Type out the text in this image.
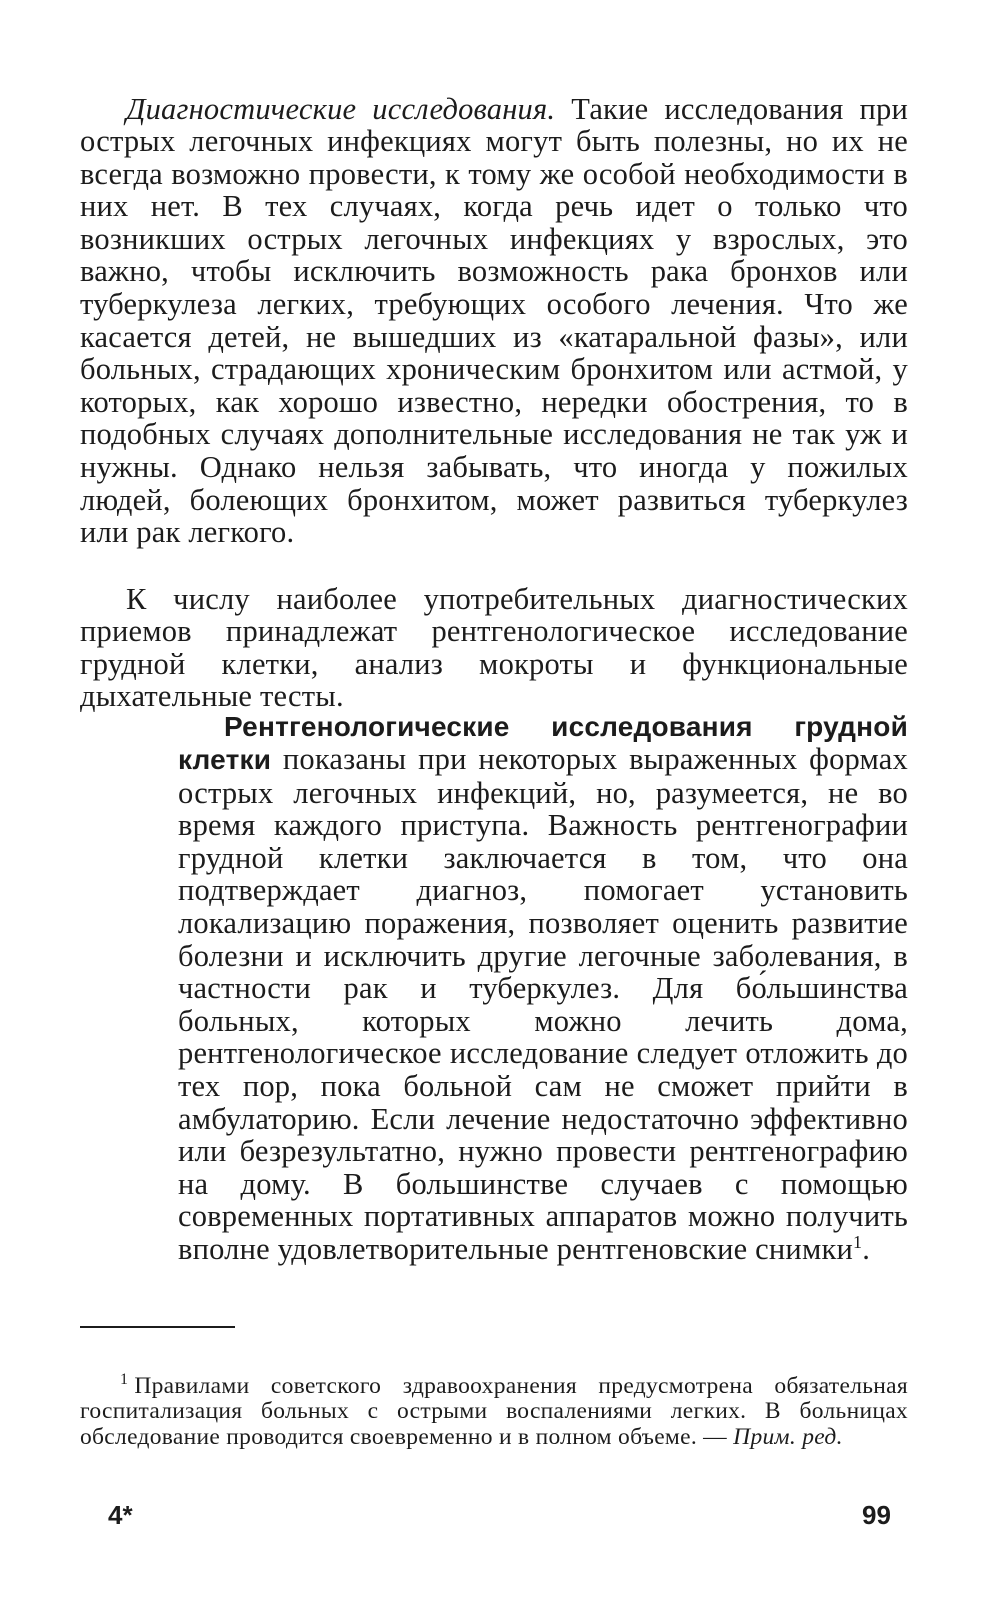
Диагностические исследования. Такие исследования при острых легочных инфекциях могут быть полезны, но их не всегда возможно провести, к тому же особой необходимости в них нет. В тех случаях, когда речь идет о только что возникших острых легочных инфекциях у взрослых, это важно, чтобы исключить возможность рака бронхов или туберкулеза легких, требующих особого лечения. Что же касается детей, не вышедших из «катаральной фазы», или больных, страдающих хроническим бронхитом или астмой, у которых, как хорошо известно, нередки обострения, то в подобных случаях дополнительные исследования не так уж и нужны. Однако нельзя забывать, что иногда у пожилых людей, болеющих бронхитом, может развиться туберкулез или рак легкого.

К числу наиболее употребительных диагностических приемов принадлежат рентгенологическое исследование грудной клетки, анализ мокроты и функциональные дыхательные тесты.

Рентгенологические исследования грудной клетки показаны при некоторых выраженных формах острых легочных инфекций, но, разумеется, не во время каждого приступа. Важность рентгенографии грудной клетки заключается в том, что она подтверждает диагноз, помогает установить локализацию поражения, позволяет оценить развитие болезни и исключить другие легочные заболевания, в частности рак и туберкулез. Для бо́льшинства больных, которых можно лечить дома, рентгенологическое исследование следует отложить до тех пор, пока больной сам не сможет прийти в амбулаторию. Если лечение недостаточно эффективно или безрезультатно, нужно провести рентгенографию на дому. В большинстве случаев с помощью современных портативных аппаратов можно получить вполне удовлетворительные рентгеновские снимки$^1$.

$^1$ Правилами советского здравоохранения предусмотрена обязательная госпитализация больных с острыми воспалениями легких. В больницах обследование проводится своевременно и в полном объеме. — Прим. ред.

4*	99
